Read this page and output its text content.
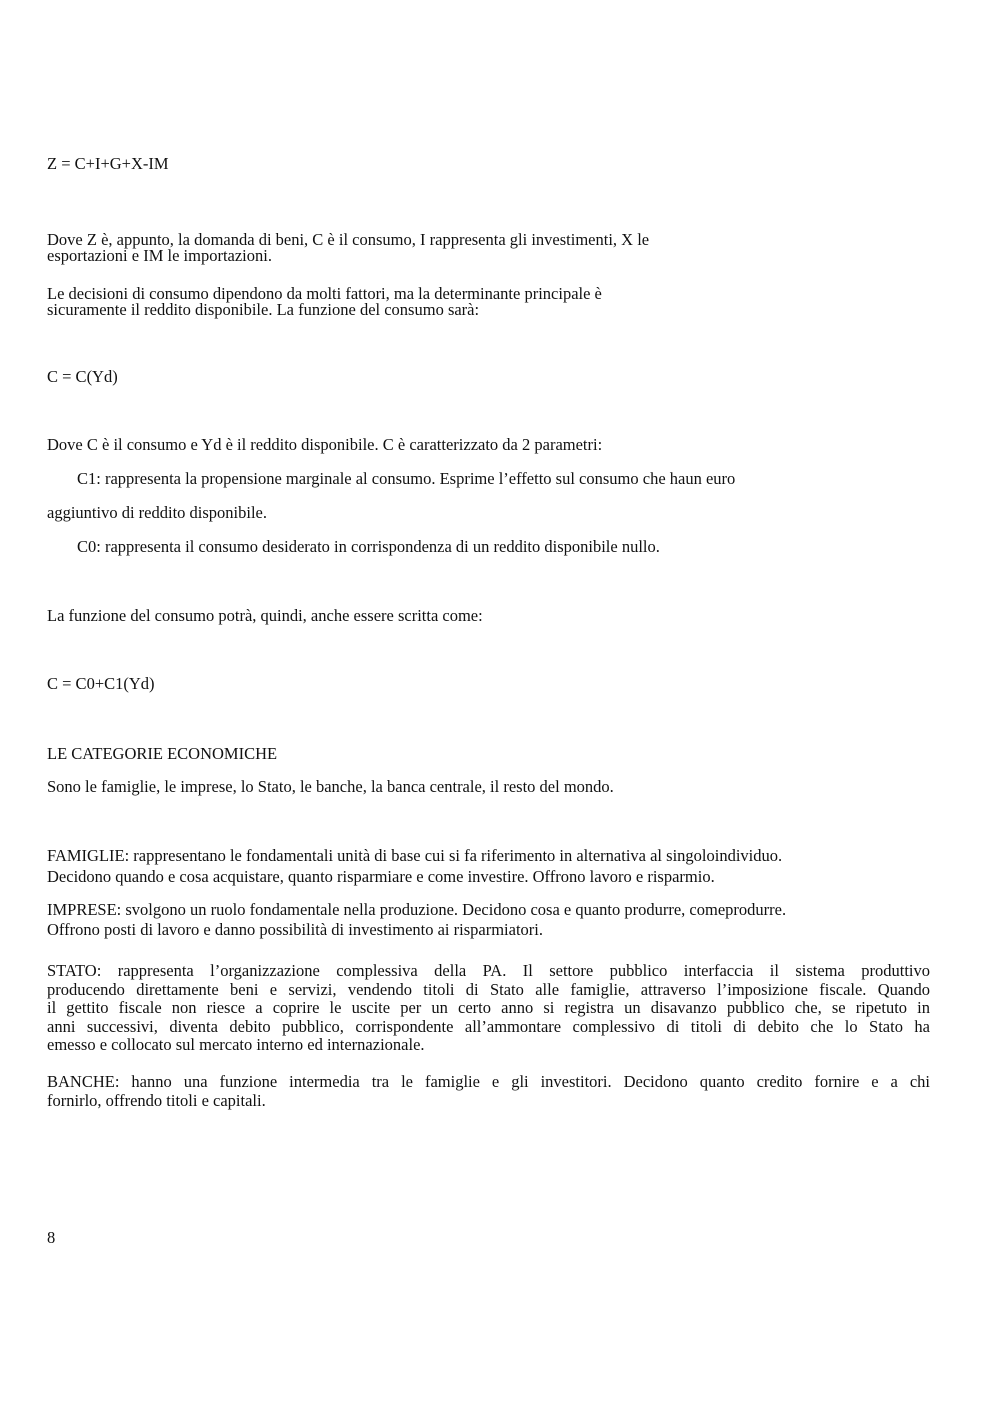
Z = C+I+G+X-IM

Dove Z è, appunto, la domanda di beni, C è il consumo, I rappresenta gli investimenti, X le

esportazioni e IM le importazioni.

Le decisioni di consumo dipendono da molti fattori, ma la determinante principale è

sicuramente il reddito disponibile. La funzione del consumo sarà:

C = C(Yd)

Dove C è il consumo e Yd è il reddito disponibile. C è caratterizzato da 2 parametri:

C1: rappresenta la propensione marginale al consumo. Esprime l’effetto sul consumo che haun euro

aggiuntivo di reddito disponibile.

C0: rappresenta il consumo desiderato in corrispondenza di un reddito disponibile nullo.

La funzione del consumo potrà, quindi, anche essere scritta come:

C = C0+C1(Yd)

LE CATEGORIE ECONOMICHE

Sono le famiglie, le imprese, lo Stato, le banche, la banca centrale, il resto del mondo.

FAMIGLIE: rappresentano le fondamentali unità di base cui si fa riferimento in alternativa al singoloindividuo.
Decidono quando e cosa acquistare, quanto risparmiare e come investire. Offrono lavoro e risparmio.
IMPRESE: svolgono un ruolo fondamentale nella produzione. Decidono cosa e quanto produrre, comeprodurre.
Offrono posti di lavoro e danno possibilità di investimento ai risparmiatori.
STATO: rappresenta l’organizzazione complessiva della PA. Il settore pubblico interfaccia il sistema produttivo
producendo direttamente beni e servizi, vendendo titoli di Stato alle famiglie, attraverso l’imposizione fiscale. Quando
il gettito fiscale non riesce a coprire le uscite per un certo anno si registra un disavanzo pubblico che, se ripetuto in
anni successivi, diventa debito pubblico, corrispondente all’ammontare complessivo di titoli di debito che lo Stato ha
emesso e collocato sul mercato interno ed internazionale.
BANCHE: hanno una funzione intermedia tra le famiglie e gli investitori. Decidono quanto credito fornire e a chi
fornirlo, offrendo titoli e capitali.

8
